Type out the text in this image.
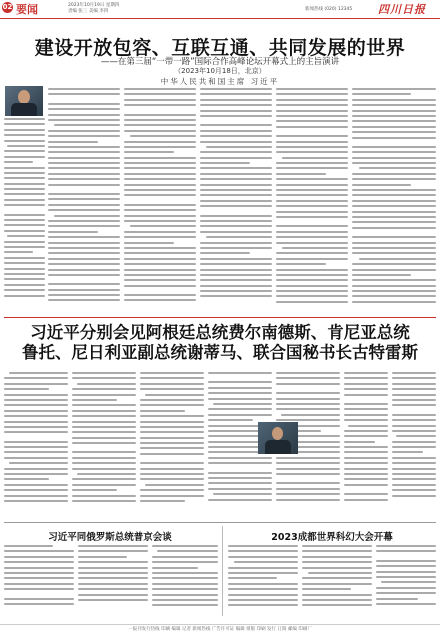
02 要闻	2023年10月19日 星期四
责编 张三 美编 李四	新闻热线 (020) 12345 四川日报
建设开放包容、互联互通、共同发展的世界
——在第三届“一带一路”国际合作高峰论坛开幕式上的主旨演讲
（2023年10月18日，北京）
中华人民共和国主席 习近平
习近平分别会见阿根廷总统费尔南德斯、肯尼亚总统
鲁托、尼日利亚副总统谢蒂马、联合国秘书长古特雷斯
习近平同俄罗斯总统普京会谈	2023成都世界科幻大会开幕
一报刊发行热线 印刷 编辑 记者 新闻热线 广告许可证 编辑 排版 印刷 发行 订阅 邮编 印刷厂
